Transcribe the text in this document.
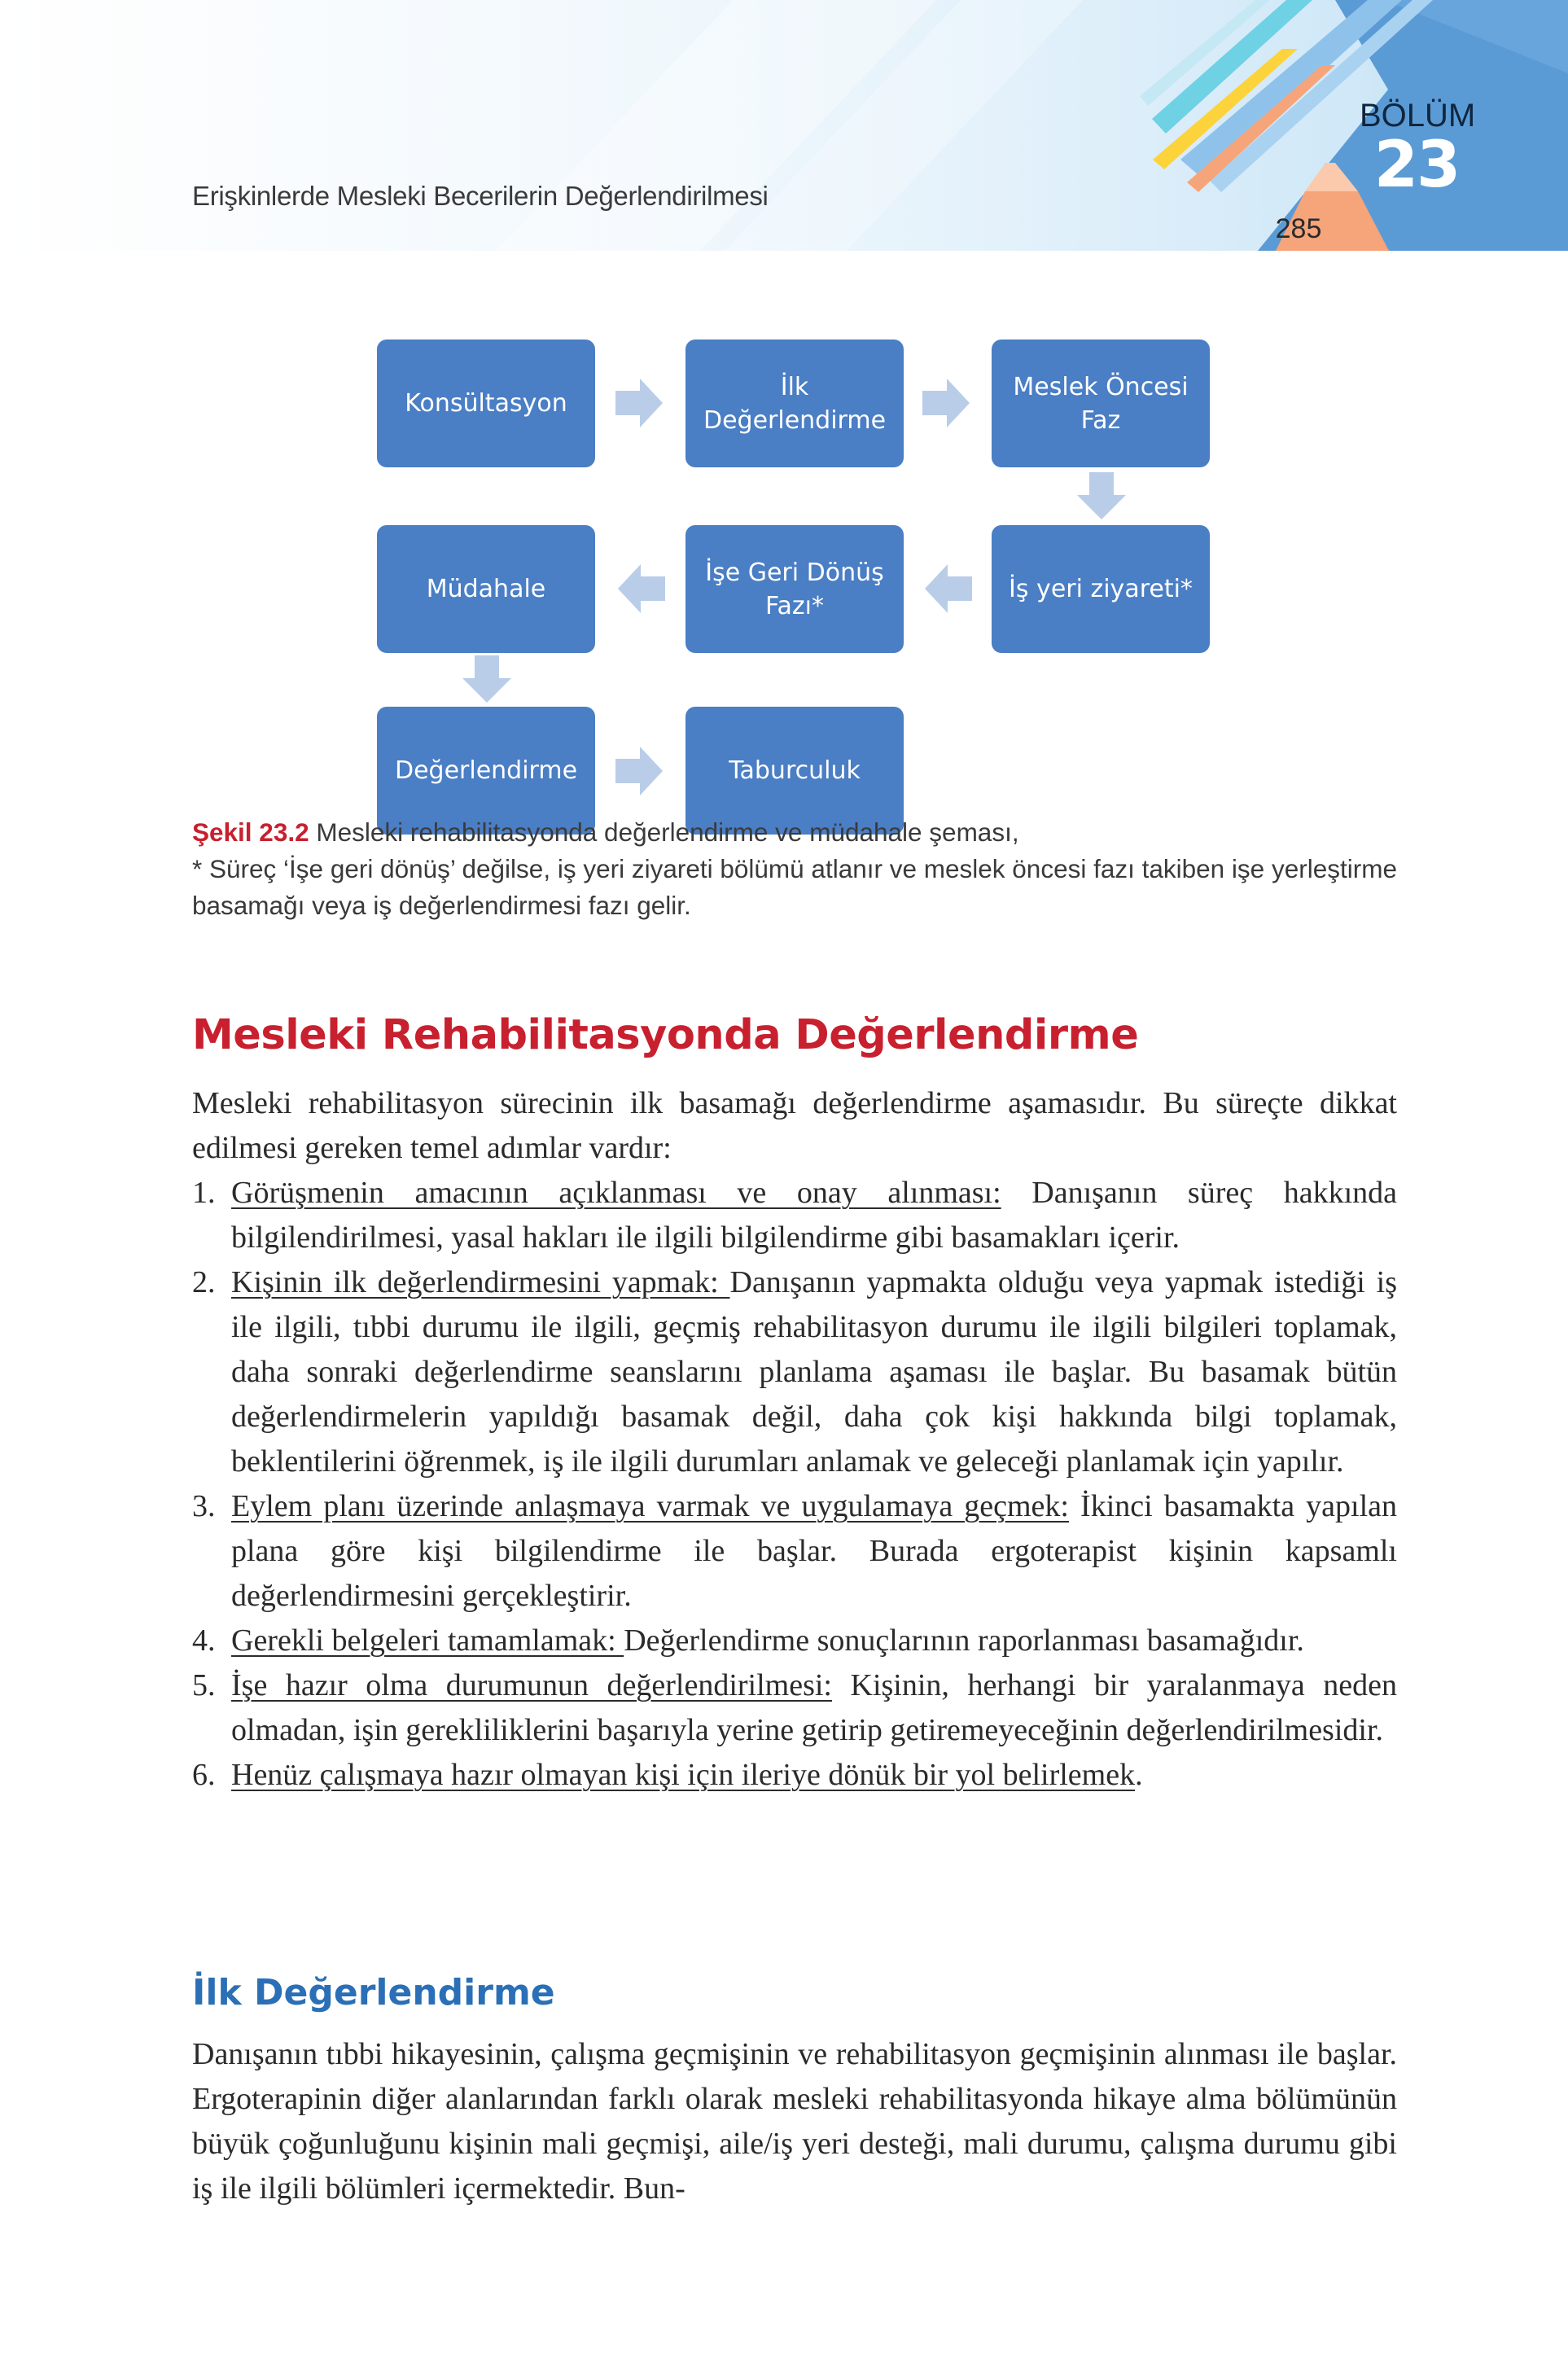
Erişkinlerde Mesleki Becerilerin Değerlendirilmesi
BÖLÜM
23
285
Konsültasyon
İlk
Değerlendirme
Meslek Öncesi
Faz
İş yeri ziyareti*
İşe Geri Dönüş
Fazı*
Müdahale
Değerlendirme	Taburculuk
Şekil 23.2 Mesleki rehabilitasyonda değerlendirme ve müdahale şeması,
* Süreç ‘İşe geri dönüş’ değilse, iş yeri ziyareti bölümü atlanır ve meslek öncesi fazı takiben işe yerleştirme basamağı veya iş değerlendirmesi fazı gelir.
Mesleki Rehabilitasyonda Değerlendirme
Mesleki rehabilitasyon sürecinin ilk basamağı değerlendirme aşamasıdır. Bu süreçte dikkat edilmesi gereken temel adımlar vardır:
1. Görüşmenin amacının açıklanması ve onay alınması: Danışanın süreç hakkında bilgilendirilmesi, yasal hakları ile ilgili bilgilendirme gibi basamakları içerir.
2. Kişinin ilk değerlendirmesini yapmak: Danışanın yapmakta olduğu veya yapmak istediği iş ile ilgili, tıbbi durumu ile ilgili, geçmiş rehabilitasyon durumu ile ilgili bilgileri toplamak, daha sonraki değerlendirme seanslarını planlama aşaması ile başlar. Bu basamak bütün değerlendirmelerin yapıldığı basamak değil, daha çok kişi hakkında bilgi toplamak, beklentilerini öğrenmek, iş ile ilgili durumları anlamak ve geleceği planlamak için yapılır.
3. Eylem planı üzerinde anlaşmaya varmak ve uygulamaya geçmek: İkinci basamakta yapılan plana göre kişi bilgilendirme ile başlar. Burada ergoterapist kişinin kapsamlı değerlendirmesini gerçekleştirir.
4. Gerekli belgeleri tamamlamak: Değerlendirme sonuçlarının raporlanması basamağıdır.
5. İşe hazır olma durumunun değerlendirilmesi: Kişinin, herhangi bir yaralanmaya neden olmadan, işin gerekliliklerini başarıyla yerine getirip getiremeyeceğinin değerlendirilmesidir.
6. Henüz çalışmaya hazır olmayan kişi için ileriye dönük bir yol belirlemek.
İlk Değerlendirme
Danışanın tıbbi hikayesinin, çalışma geçmişinin ve rehabilitasyon geçmişinin alınması ile başlar. Ergoterapinin diğer alanlarından farklı olarak mesleki rehabilitasyonda hikaye alma bölümünün büyük çoğunluğunu kişinin mali geçmişi, aile/iş yeri desteği, mali durumu, çalışma durumu gibi iş ile ilgili bölümleri içermektedir. Bun-
